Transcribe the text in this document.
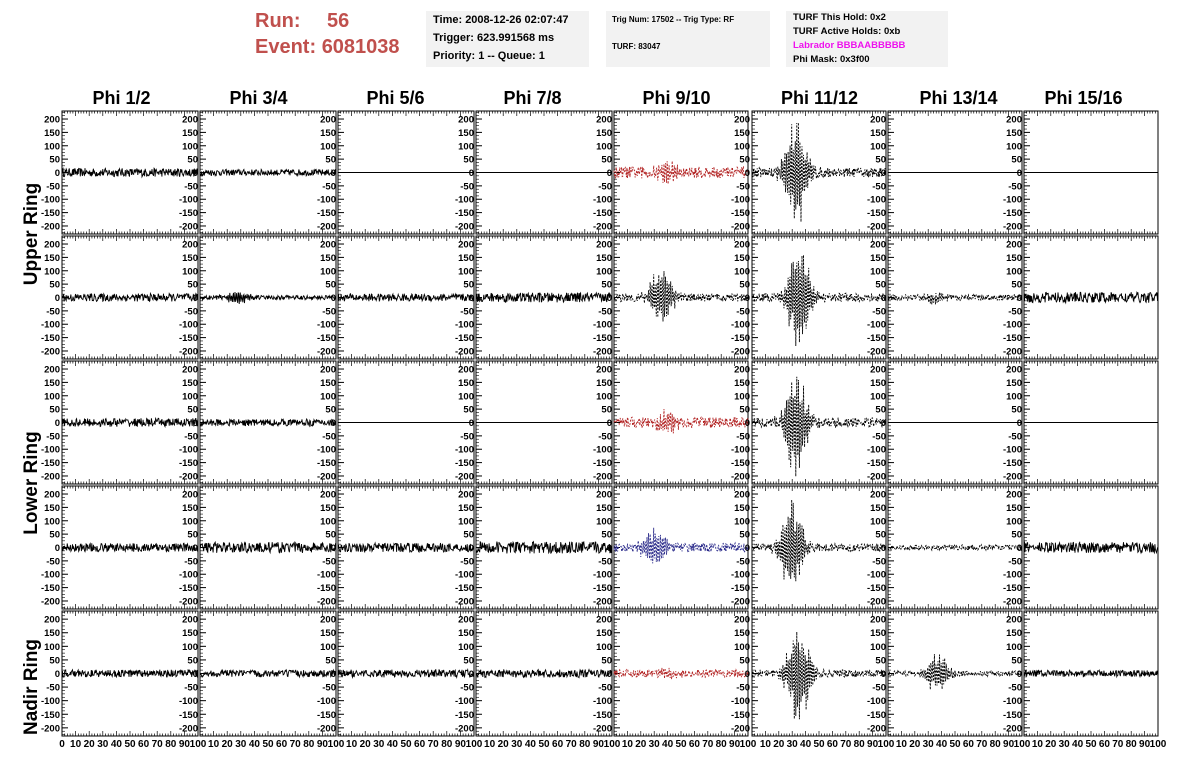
Run: 56
Event: 6081038
Time: 2008-12-26 02:07:47
Trigger: 623.991568 ms
Priority: 1 -- Queue: 1
Trig Num: 17502 -- Trig Type: RF
TURF: 83047
TURF This Hold: 0x2
TURF Active Holds: 0xb
Labrador BBBAABBBBB
Phi Mask: 0x3f00
Phi 1/2	Phi 3/4	Phi 5/6	Phi 7/8	Phi 9/10	Phi 11/12	Phi 13/14	Phi 15/16
Upper Ring
Lower Ring
Nadir Ring
-200
-150
-100
-50
0
50
100
150
200
-200
-150
-100
-50
0
50
100
150
200
-200
-150
-100
-50
0
50
100
150
200
-200
-150
-100
-50
0
50
100
150
200
-200
-150
-100
-50
0
50
100
150
200
-200
-150
-100
-50
0
50
100
150
200
-200
-150
-100
-50
0
50
100
150
200
-200
-150
-100
-50
0
50
100
150
200
-200
-150
-100
-50
0
50
100
150
200
-200
-150
-100
-50
0
50
100
150
200
-200
-150
-100
-50
0
50
100
150
200
-200
-150
-100
-50
0
50
100
150
200
-200
-150
-100
-50
0
50
100
150
200
-200
-150
-100
-50
0
50
100
150
200
-200
-150
-100
-50
0
50
100
150
200
-200
-150
-100
-50
0
50
100
150
200
-200
-150
-100
-50
0
50
100
150
200
-200
-150
-100
-50
0
50
100
150
200
-200
-150
-100
-50
0
50
100
150
200
-200
-150
-100
-50
0
50
100
150
200
-200
-150
-100
-50
0
50
100
150
200
-200
-150
-100
-50
0
50
100
150
200
-200
-150
-100
-50
0
50
100
150
200
-200
-150
-100
-50
0
50
100
150
200
-200
-150
-100
-50
0
50
100
150
200
-200
-150
-100
-50
0
50
100
150
200
-200
-150
-100
-50
0
50
100
150
200
-200
-150
-100
-50
0
50
100
150
200
-200
-150
-100
-50
0
50
100
150
200
-200
-150
-100
-50
0
50
100
150
200
-200
-150
-100
-50
0
50
100
150
200
-200
-150
-100
-50
0
50
100
150
200
-200
-150
-100
-50
0
50
100
150
200
-200
-150
-100
-50
0
50
100
150
200
-200
-150
-100
-50
0
50
100
150
200
-200
-150
-100
-50
0
50
100
150
200
-200
-150
-100
-50
0
50
100
150
200
-200
-150
-100
-50
0
50
100
150
200
-200
-150
-100
-50
0
50
100
150
200
-200
-150
-100
-50
0
50
100
150
200
0 10 20 30 40 50 60 70 80 90 100 10 20 30 40 50 60 70 80 90 100 10 20 30 40 50 60 70 80 90 100 10 20 30 40 50 60 70 80 90 100 10 20 30 40 50 60 70 80 90 100 10 20 30 40 50 60 70 80 90 100 10 20 30 40 50 60 70 80 90 100 10 20 30 40 50 60 70 80 90 100
